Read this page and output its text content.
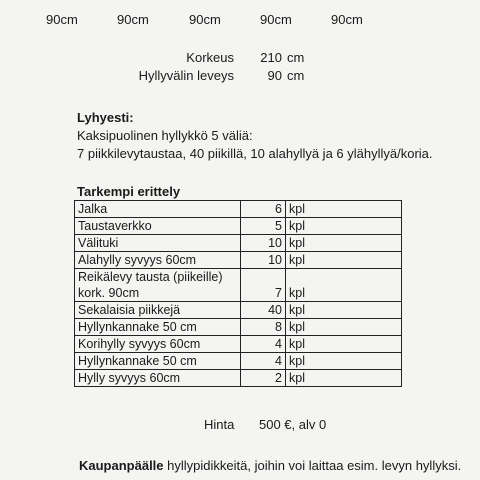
90cm	90cm	90cm	90cm	90cm
Korkeus	210 cm
Hyllyvälin leveys	90 cm
Lyhyesti:
Kaksipuolinen hyllykkö 5 väliä:
7 piikkilevytaustaa, 40 piikillä, 10 alahyllyä ja 6 ylähyllyä/koria.
Tarkempi erittely
Jalka	6	kpl
Taustaverkko	5	kpl
Välituki	10	kpl
Alahylly syvyys 60cm	10	kpl

Reikälevy tausta (piikeille)
kork. 90cm	7	kpl
Sekalaisia piikkejä	40	kpl
Hyllynkannake 50 cm	8	kpl
Korihylly syvyys 60cm	4	kpl
Hyllynkannake 50 cm	4	kpl
Hylly syvyys 60cm	2	kpl
Hinta 500 €, alv 0
Kaupanpäälle hyllypidikkeitä, joihin voi laittaa esim. levyn hyllyksi.
